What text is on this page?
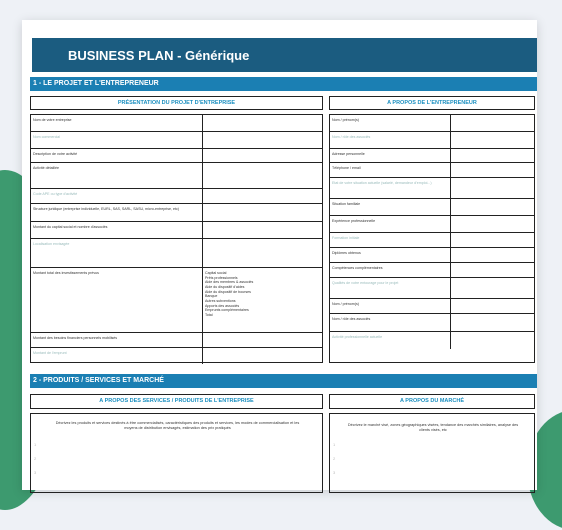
BUSINESS PLAN - Générique
1 - LE PROJET ET L'ENTREPRENEUR
PRÉSENTATION DU PROJET D'ENTREPRISE	A PROPOS DE L'ENTREPRENEUR
Nom de votre entreprise
Nom commercial
Description de votre activité
Activité détaillée
Code APE ou type d'activité
Structure juridique (entreprise individuelle, EURL, SAS, SARL, SASU, micro-entreprise, etc)
Montant du capital social et nombre d'associés
Localisation envisagée
Montant total des investissements prévus	Capital social
Prêts professionnels
Aide des membres & associés
Aide du dispositif d'aides
Aide du dispositif de bourses
Banque
Autres subventions
Apports des associés
Emprunts complémentaires
Total
Montant des besoins financiers personnels mobilisés
Montant de l'emprunt
Nom / prénom(s)
Nom / rôle des associés
Adresse personnelle
Téléphone / email
Etat de votre situation actuelle (salarié, demandeur d'emploi...)
Situation familiale
Expérience professionnelle
Formation initiale
Diplômes obtenus
Compétences complémentaires
Qualités de votre entourage pour le projet
Nom / prénom(s)
Nom / rôle des associés
Activité professionnelle actuelle
2 - PRODUITS / SERVICES ET MARCHÉ
A PROPOS DES SERVICES / PRODUITS DE L'ENTREPRISE	A PROPOS DU MARCHÉ
Décrivez les produits et services destinés à être commercialisés, caractéristiques des produits et services, les modes de commercialisation et les moyens de distribution envisagés, estimation des prix pratiqués
1
2
3
Décrivez le marché visé, zones géographiques visées, tendance des marchés similaires, analyse des clients visés, etc
1
2
3
